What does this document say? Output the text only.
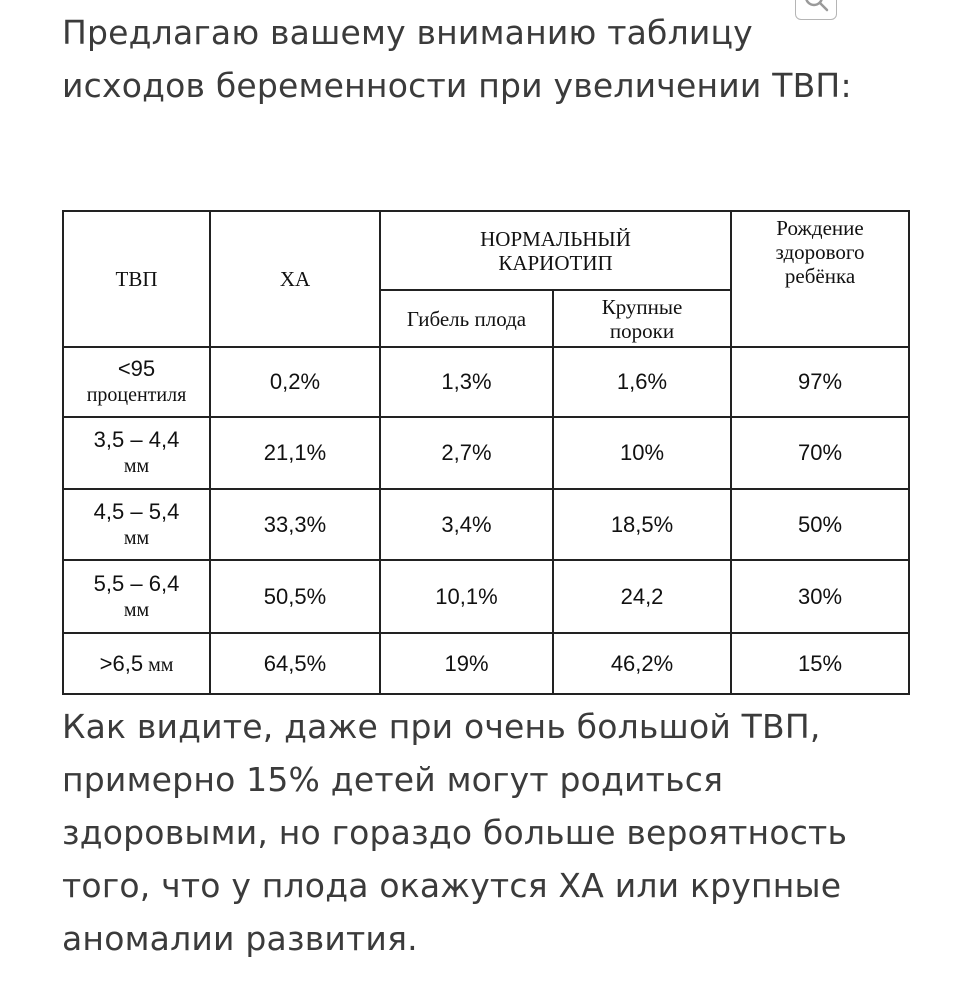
Предлагаю вашему вниманию таблицу исходов беременности при увеличении ТВП:

ТВП	ХА	НОРМАЛЬНЫЙ КАРИОТИП		Рождение здорового ребёнка
		Гибель плода	Крупные пороки	

<95
процентиля	0,2%	1,3%	1,6%	97%

3,5 – 4,4
мм	21,1%	2,7%	10%	70%

4,5 – 5,4
мм	33,3%	3,4%	18,5%	50%

5,5 – 6,4
мм	50,5%	10,1%	24,2	30%
>6,5 мм	64,5%	19%	46,2%	15%

Как видите, даже при очень большой ТВП, примерно 15% детей могут родиться здоровыми, но гораздо больше вероятность того, что у плода окажутся ХА или крупные аномалии развития.
